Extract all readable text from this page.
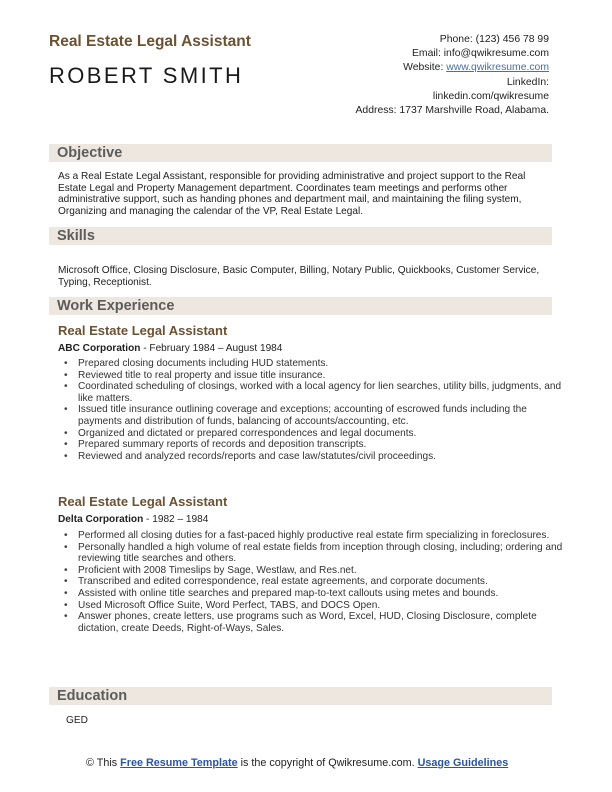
Real Estate Legal Assistant
ROBERT SMITH
Phone: (123) 456 78 99
Email: info@qwikresume.com
Website: www.qwikresume.com
LinkedIn:
linkedin.com/qwikresume
Address: 1737 Marshville Road, Alabama.
Objective
As a Real Estate Legal Assistant, responsible for providing administrative and project support to the Real Estate Legal and Property Management department. Coordinates team meetings and performs other administrative support, such as handing phones and department mail, and maintaining the filing system, Organizing and managing the calendar of the VP, Real Estate Legal.
Skills
Microsoft Office, Closing Disclosure, Basic Computer, Billing, Notary Public, Quickbooks, Customer Service, Typing, Receptionist.
Work Experience
Real Estate Legal Assistant
ABC Corporation - February 1984 – August 1984
• Prepared closing documents including HUD statements.
• Reviewed title to real property and issue title insurance.
• Coordinated scheduling of closings, worked with a local agency for lien searches, utility bills, judgments, and like matters.
• Issued title insurance outlining coverage and exceptions; accounting of escrowed funds including the payments and distribution of funds, balancing of accounts/accounting, etc.
• Organized and dictated or prepared correspondences and legal documents.
• Prepared summary reports of records and deposition transcripts.
• Reviewed and analyzed records/reports and case law/statutes/civil proceedings.
Real Estate Legal Assistant
Delta Corporation - 1982 – 1984
• Performed all closing duties for a fast-paced highly productive real estate firm specializing in foreclosures.
• Personally handled a high volume of real estate fields from inception through closing, including; ordering and reviewing title searches and others.
• Proficient with 2008 Timeslips by Sage, Westlaw, and Res.net.
• Transcribed and edited correspondence, real estate agreements, and corporate documents.
• Assisted with online title searches and prepared map-to-text callouts using metes and bounds.
• Used Microsoft Office Suite, Word Perfect, TABS, and DOCS Open.
• Answer phones, create letters, use programs such as Word, Excel, HUD, Closing Disclosure, complete dictation, create Deeds, Right-of-Ways, Sales.
Education
GED
© This Free Resume Template is the copyright of Qwikresume.com. Usage Guidelines
